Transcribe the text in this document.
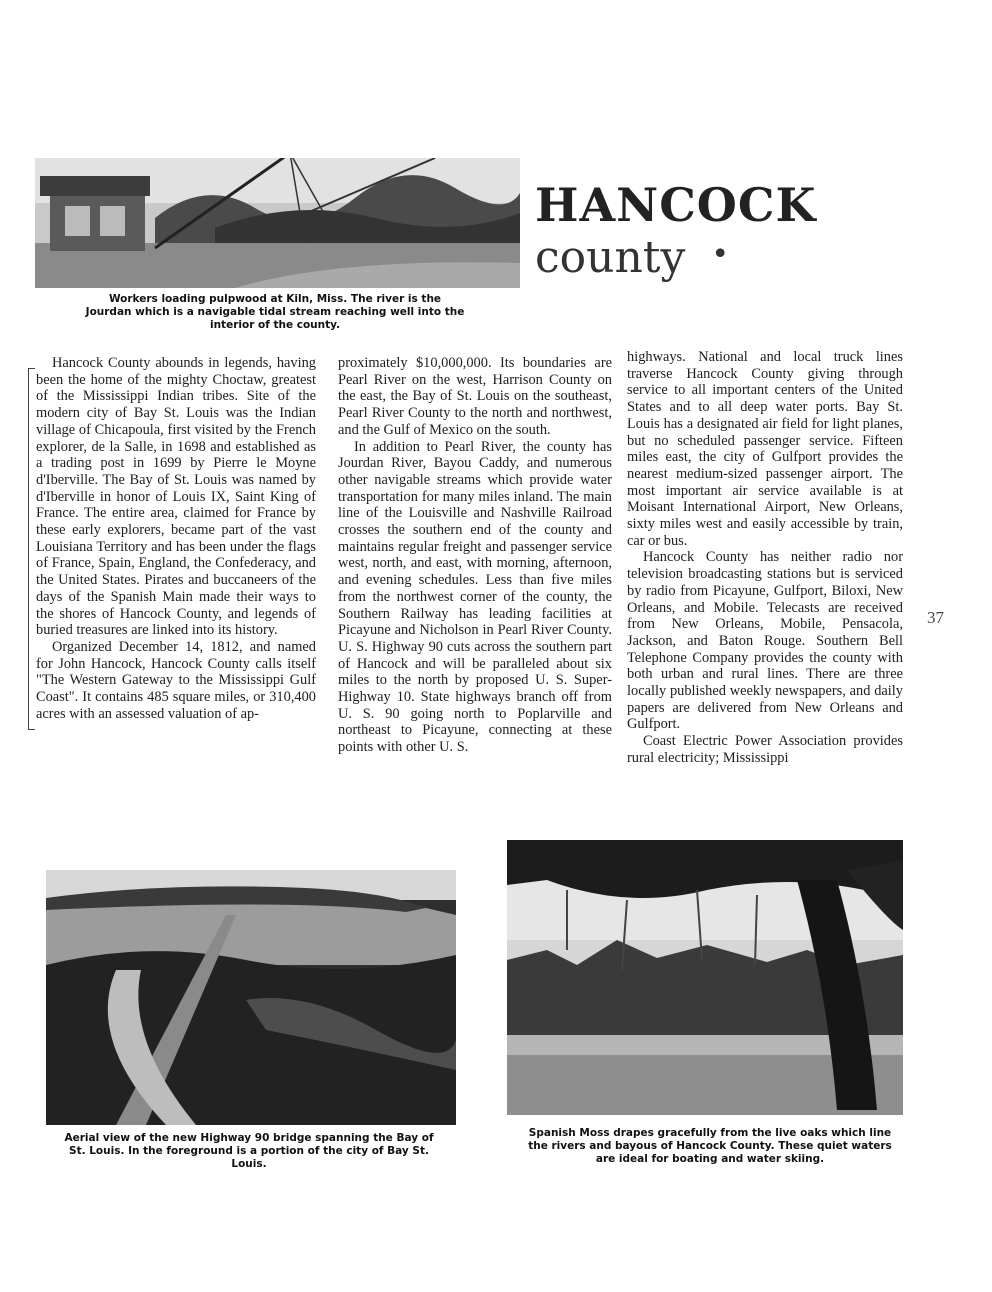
Workers loading pulpwood at Kiln, Miss. The river is the Jourdan which is a navigable tidal stream reaching well into the interior of the county.
HANCOCK
county •

Hancock County abounds in legends, having been the home of the mighty Choctaw, greatest of the Mississippi Indian tribes. Site of the modern city of Bay St. Louis was the Indian village of Chicapoula, first visited by the French explorer, de la Salle, in 1698 and established as a trading post in 1699 by Pierre le Moyne d'Iberville. The Bay of St. Louis was named by d'Iberville in honor of Louis IX, Saint King of France. The entire area, claimed for France by these early explorers, became part of the vast Louisiana Territory and has been under the flags of France, Spain, England, the Confederacy, and the United States. Pirates and buccaneers of the days of the Spanish Main made their ways to the shores of Hancock County, and legends of buried treasures are linked into its history.

Organized December 14, 1812, and named for John Hancock, Hancock County calls itself "The Western Gateway to the Mississippi Gulf Coast". It contains 485 square miles, or 310,400 acres with an assessed valuation of ap-

proximately $10,000,000. Its boundaries are Pearl River on the west, Harrison County on the east, the Bay of St. Louis on the southeast, Pearl River County to the north and northwest, and the Gulf of Mexico on the south.

In addition to Pearl River, the county has Jourdan River, Bayou Caddy, and numerous other navigable streams which provide water transportation for many miles inland. The main line of the Louisville and Nashville Railroad crosses the southern end of the county and maintains regular freight and passenger service west, north, and east, with morning, afternoon, and evening schedules. Less than five miles from the northwest corner of the county, the Southern Railway has leading facilities at Picayune and Nicholson in Pearl River County. U. S. Highway 90 cuts across the southern part of Hancock and will be paralleled about six miles to the north by proposed U. S. Super-Highway 10. State highways branch off from U. S. 90 going north to Poplarville and northeast to Picayune, connecting at these points with other U. S.

highways. National and local truck lines traverse Hancock County giving through service to all important centers of the United States and to all deep water ports. Bay St. Louis has a designated air field for light planes, but no scheduled passenger service. Fifteen miles east, the city of Gulfport provides the nearest medium-sized passenger airport. The most important air service available is at Moisant International Airport, New Orleans, sixty miles west and easily accessible by train, car or bus.

Hancock County has neither radio nor television broadcasting stations but is serviced by radio from Picayune, Gulfport, Biloxi, New Orleans, and Mobile. Telecasts are received from New Orleans, Mobile, Pensacola, Jackson, and Baton Rouge. Southern Bell Telephone Company provides the county with both urban and rural lines. There are three locally published weekly newspapers, and daily papers are delivered from New Orleans and Gulfport.

Coast Electric Power Association provides rural electricity; Mississippi

37
Aerial view of the new Highway 90 bridge spanning the Bay of St. Louis. In the foreground is a portion of the city of Bay St. Louis.
Spanish Moss drapes gracefully from the live oaks which line the rivers and bayous of Hancock County. These quiet waters are ideal for boating and water skiing.
